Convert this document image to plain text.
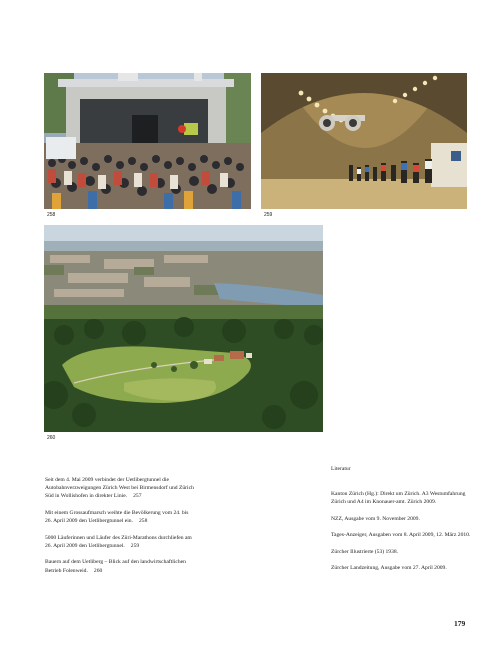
258	259
260

Seit dem 4. Mai 2009 verbindet der Uetlibergtunnel die Autobahnverzweigungen Zürich West bei Birmensdorf und Zürich Süd in Wollishofen in direkter Linie. 257

Mit einem Grossaufmarsch weihte die Bevölkerung vom 24. bis 26. April 2009 den Uetlibergtunnel ein. 258

5000 Läuferinnen und Läufer des Züri-Marathons durchliefen am 26. April 2009 den Uetlibergtunnel. 259

Bauern auf dem Uetliberg – Blick auf den landwirtschaftlichen Betrieb Folenweid. 260

Literatur

Kanton Zürich (Hg.): Direkt um Zürich. A3 Westumfahrung Zürich und A4 im Knonauer-amt. Zürich 2009.

NZZ, Ausgabe vom 9. November 2009.

Tages-Anzeiger, Ausgaben vom 8. April 2009, 12. März 2010.

Zürcher Illustrierte (53) 1938.

Zürcher Landzeitung, Ausgabe vom 27. April 2009.

179
